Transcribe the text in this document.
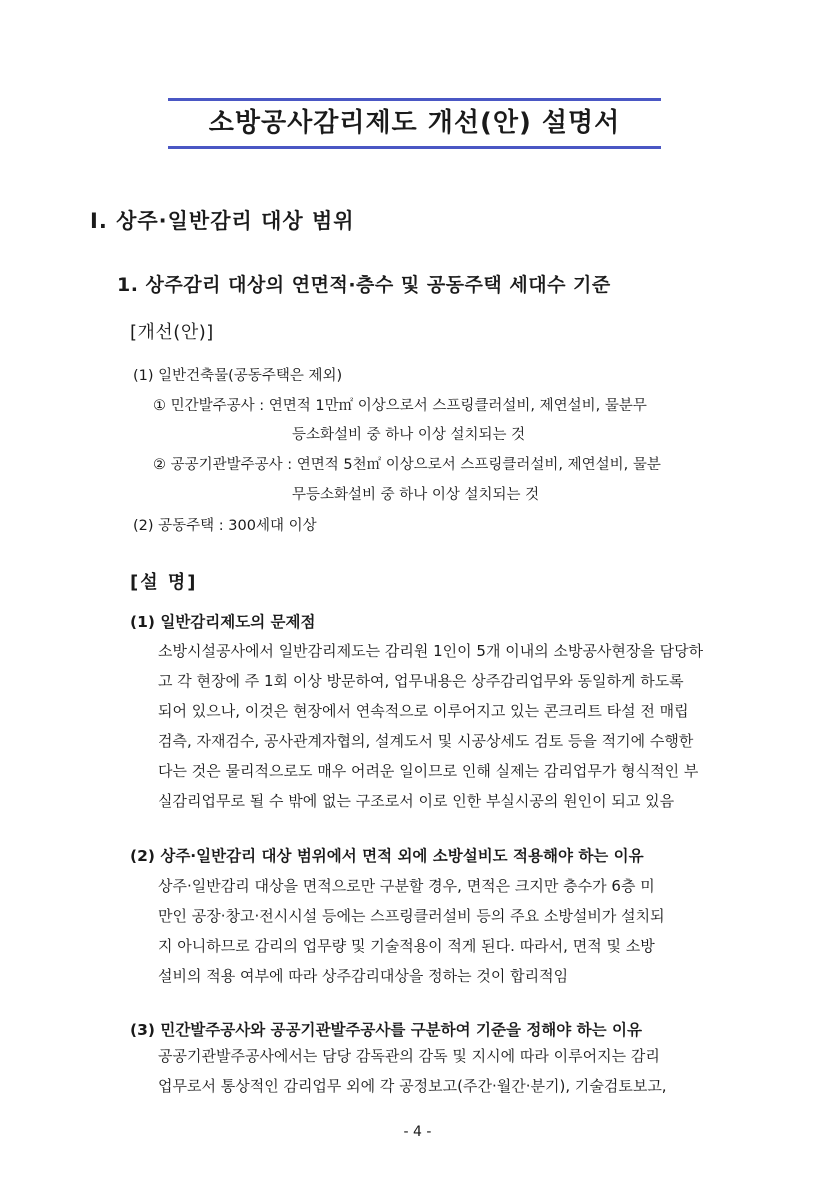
소방공사감리제도 개선(안) 설명서
Ⅰ. 상주·일반감리 대상 범위
1. 상주감리 대상의 연면적·층수 및 공동주택 세대수 기준
[개선(안)]
(1) 일반건축물(공동주택은 제외)
① 민간발주공사 : 연면적 1만㎡ 이상으로서 스프링클러설비, 제연설비, 물분무
등소화설비 중 하나 이상 설치되는 것
② 공공기관발주공사 : 연면적 5천㎡ 이상으로서 스프링클러설비, 제연설비, 물분
무등소화설비 중 하나 이상 설치되는 것
(2) 공동주택 : 300세대 이상
[설 명]
(1) 일반감리제도의 문제점
소방시설공사에서 일반감리제도는 감리원 1인이 5개 이내의 소방공사현장을 담당하
고 각 현장에 주 1회 이상 방문하여, 업무내용은 상주감리업무와 동일하게 하도록
되어 있으나, 이것은 현장에서 연속적으로 이루어지고 있는 콘크리트 타설 전 매립
검측, 자재검수, 공사관계자협의, 설계도서 및 시공상세도 검토 등을 적기에 수행한
다는 것은 물리적으로도 매우 어려운 일이므로 인해 실제는 감리업무가 형식적인 부
실감리업무로 될 수 밖에 없는 구조로서 이로 인한 부실시공의 원인이 되고 있음
(2) 상주·일반감리 대상 범위에서 면적 외에 소방설비도 적용해야 하는 이유
상주·일반감리 대상을 면적으로만 구분할 경우, 면적은 크지만 층수가 6층 미
만인 공장·창고·전시시설 등에는 스프링클러설비 등의 주요 소방설비가 설치되
지 아니하므로 감리의 업무량 및 기술적용이 적게 된다. 따라서, 면적 및 소방
설비의 적용 여부에 따라 상주감리대상을 정하는 것이 합리적임
(3) 민간발주공사와 공공기관발주공사를 구분하여 기준을 정해야 하는 이유
공공기관발주공사에서는 담당 감독관의 감독 및 지시에 따라 이루어지는 감리
업무로서 통상적인 감리업무 외에 각 공정보고(주간·월간·분기), 기술검토보고,
- 4 -
